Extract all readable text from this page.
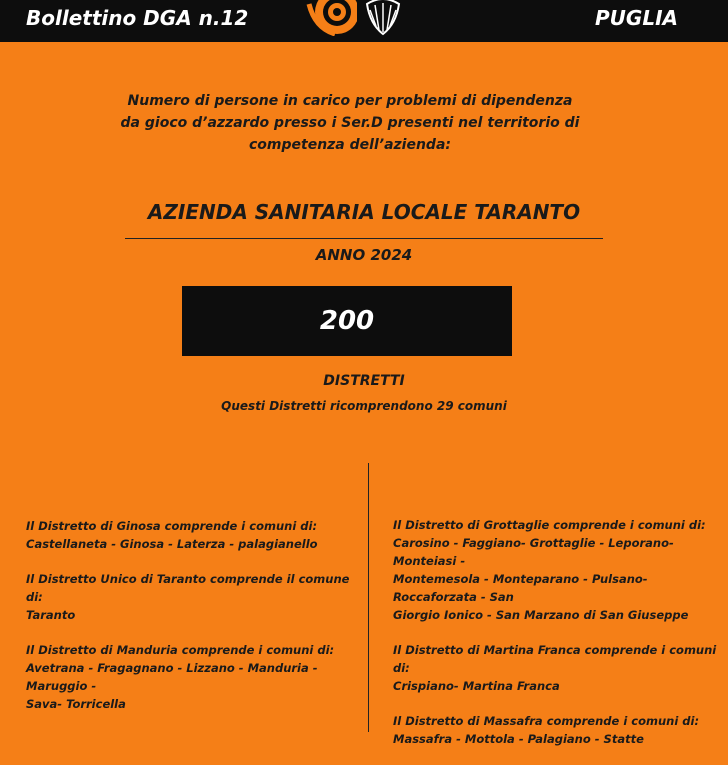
Bollettino DGA n.12	PUGLIA
Numero di persone in carico per problemi di dipendenza
da gioco d’azzardo presso i Ser.D presenti nel territorio di
competenza dell’azienda:
AZIENDA SANITARIA LOCALE TARANTO
ANNO 2024
200
DISTRETTI
Questi Distretti ricomprendono 29 comuni
Il Distretto di Ginosa comprende i comuni di:
Castellaneta - Ginosa - Laterza - palagianello
Il Distretto Unico di Taranto comprende il comune di:
Taranto
Il Distretto di Manduria comprende i comuni di:
Avetrana - Fragagnano - Lizzano - Manduria - Maruggio -
Sava- Torricella
Il Distretto di Grottaglie comprende i comuni di:
Carosino - Faggiano- Grottaglie - Leporano- Monteiasi -
Montemesola - Monteparano - Pulsano- Roccaforzata - San
Giorgio Ionico - San Marzano di San Giuseppe
Il Distretto di Martina Franca comprende i comuni di:
Crispiano- Martina Franca
Il Distretto di Massafra comprende i comuni di:
Massafra - Mottola - Palagiano - Statte
